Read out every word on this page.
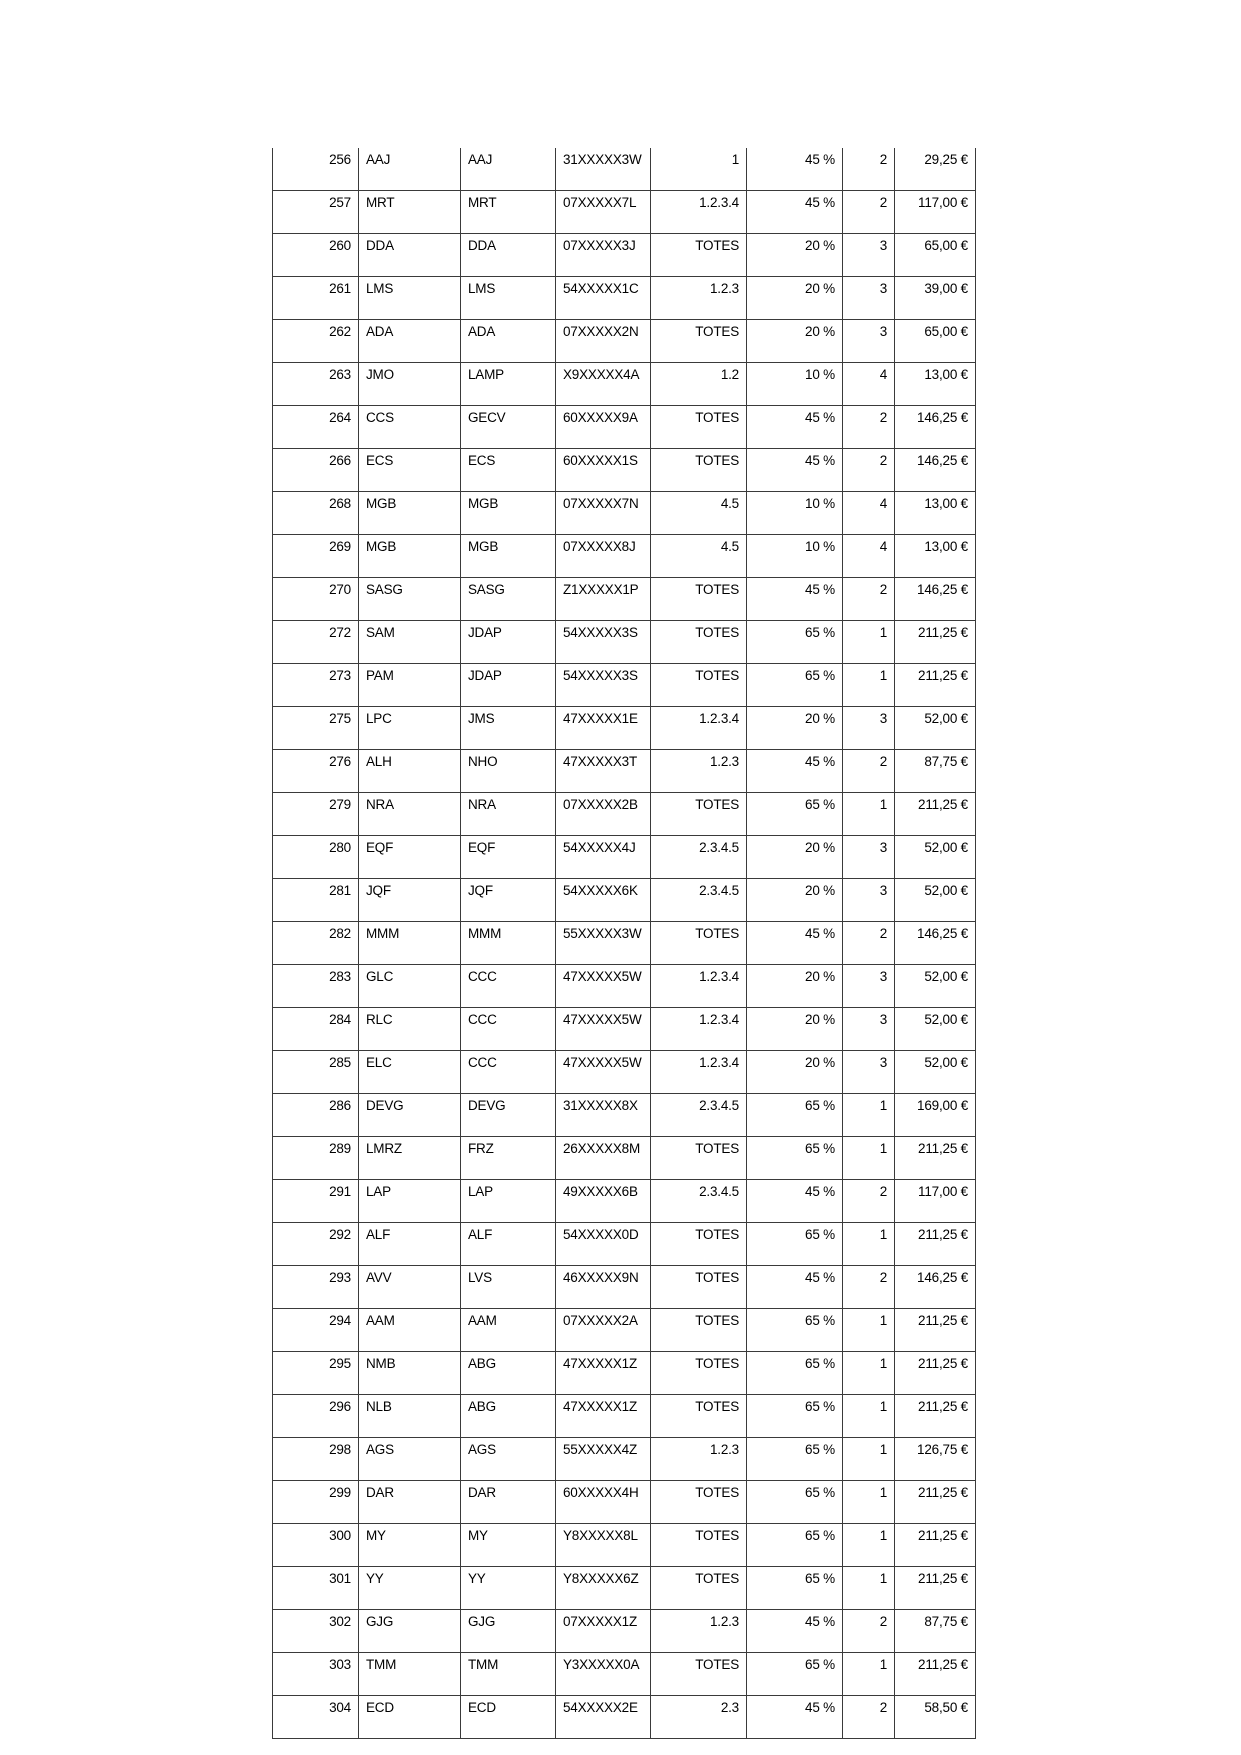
256	AAJ	AAJ	31XXXXX3W	1	45 %	2	29,25 €
257	MRT	MRT	07XXXXX7L	1.2.3.4	45 %	2	117,00 €
260	DDA	DDA	07XXXXX3J	TOTES	20 %	3	65,00 €
261	LMS	LMS	54XXXXX1C	1.2.3	20 %	3	39,00 €
262	ADA	ADA	07XXXXX2N	TOTES	20 %	3	65,00 €
263	JMO	LAMP	X9XXXXX4A	1.2	10 %	4	13,00 €
264	CCS	GECV	60XXXXX9A	TOTES	45 %	2	146,25 €
266	ECS	ECS	60XXXXX1S	TOTES	45 %	2	146,25 €
268	MGB	MGB	07XXXXX7N	4.5	10 %	4	13,00 €
269	MGB	MGB	07XXXXX8J	4.5	10 %	4	13,00 €
270	SASG	SASG	Z1XXXXX1P	TOTES	45 %	2	146,25 €
272	SAM	JDAP	54XXXXX3S	TOTES	65 %	1	211,25 €
273	PAM	JDAP	54XXXXX3S	TOTES	65 %	1	211,25 €
275	LPC	JMS	47XXXXX1E	1.2.3.4	20 %	3	52,00 €
276	ALH	NHO	47XXXXX3T	1.2.3	45 %	2	87,75 €
279	NRA	NRA	07XXXXX2B	TOTES	65 %	1	211,25 €
280	EQF	EQF	54XXXXX4J	2.3.4.5	20 %	3	52,00 €
281	JQF	JQF	54XXXXX6K	2.3.4.5	20 %	3	52,00 €
282	MMM	MMM	55XXXXX3W	TOTES	45 %	2	146,25 €
283	GLC	CCC	47XXXXX5W	1.2.3.4	20 %	3	52,00 €
284	RLC	CCC	47XXXXX5W	1.2.3.4	20 %	3	52,00 €
285	ELC	CCC	47XXXXX5W	1.2.3.4	20 %	3	52,00 €
286	DEVG	DEVG	31XXXXX8X	2.3.4.5	65 %	1	169,00 €
289	LMRZ	FRZ	26XXXXX8M	TOTES	65 %	1	211,25 €
291	LAP	LAP	49XXXXX6B	2.3.4.5	45 %	2	117,00 €
292	ALF	ALF	54XXXXX0D	TOTES	65 %	1	211,25 €
293	AVV	LVS	46XXXXX9N	TOTES	45 %	2	146,25 €
294	AAM	AAM	07XXXXX2A	TOTES	65 %	1	211,25 €
295	NMB	ABG	47XXXXX1Z	TOTES	65 %	1	211,25 €
296	NLB	ABG	47XXXXX1Z	TOTES	65 %	1	211,25 €
298	AGS	AGS	55XXXXX4Z	1.2.3	65 %	1	126,75 €
299	DAR	DAR	60XXXXX4H	TOTES	65 %	1	211,25 €
300	MY	MY	Y8XXXXX8L	TOTES	65 %	1	211,25 €
301	YY	YY	Y8XXXXX6Z	TOTES	65 %	1	211,25 €
302	GJG	GJG	07XXXXX1Z	1.2.3	45 %	2	87,75 €
303	TMM	TMM	Y3XXXXX0A	TOTES	65 %	1	211,25 €
304	ECD	ECD	54XXXXX2E	2.3	45 %	2	58,50 €
